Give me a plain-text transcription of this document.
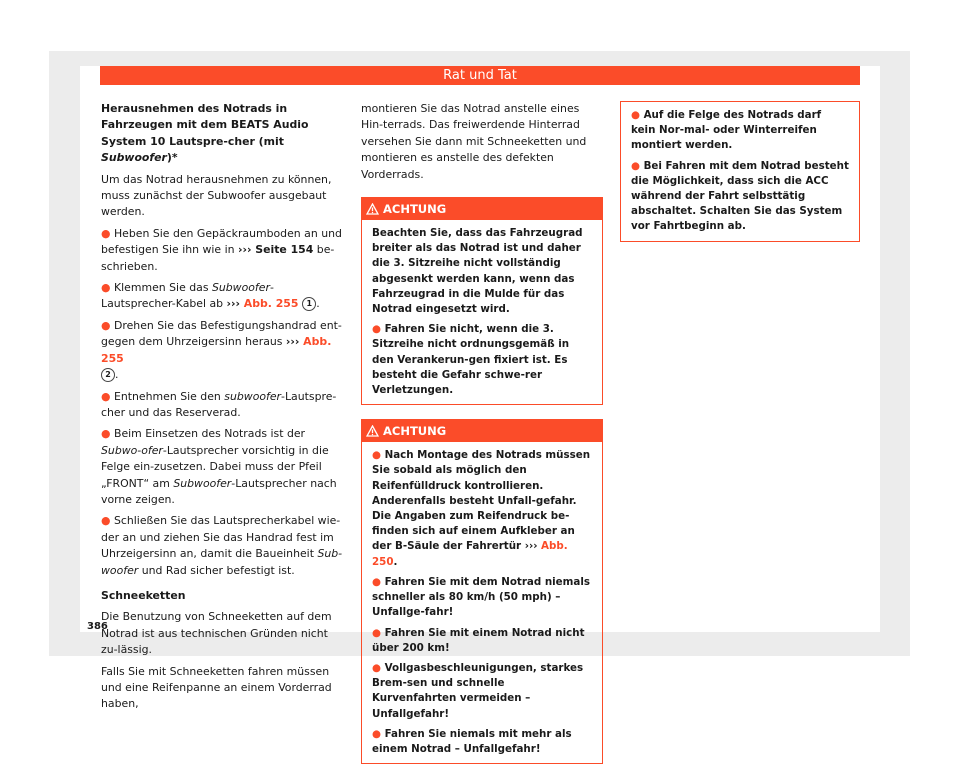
Rat und Tat

Herausnehmen des Notrads in Fahrzeugen mit dem BEATS Audio System 10 Lautspre-cher (mit Subwoofer)*

Um das Notrad herausnehmen zu können, muss zunächst der Subwoofer ausgebaut werden.

● Heben Sie den Gepäckraumboden an und befestigen Sie ihn wie in ››› Seite 154 be-schrieben.

● Klemmen Sie das Subwoofer-Lautsprecher-Kabel ab ››› Abb. 255 1 .

● Drehen Sie das Befestigungshandrad ent-gegen dem Uhrzeigersinn heraus ››› Abb. 255
2 .

● Entnehmen Sie den subwoofer-Lautspre-cher und das Reserverad.

● Beim Einsetzen des Notrads ist der Subwo-ofer-Lautsprecher vorsichtig in die Felge ein-zusetzen. Dabei muss der Pfeil „FRONT“ am Subwoofer-Lautsprecher nach vorne zeigen.

● Schließen Sie das Lautsprecherkabel wie-der an und ziehen Sie das Handrad fest im Uhrzeigersinn an, damit die Baueinheit Sub-woofer und Rad sicher befestigt ist.

Schneeketten

Die Benutzung von Schneeketten auf dem Notrad ist aus technischen Gründen nicht zu-lässig.

Falls Sie mit Schneeketten fahren müssen und eine Reifenpanne an einem Vorderrad haben,

montieren Sie das Notrad anstelle eines Hin-terrads. Das freiwerdende Hinterrad versehen Sie dann mit Schneeketten und montieren es anstelle des defekten Vorderrads.

ACHTUNG

Beachten Sie, dass das Fahrzeugrad breiter als das Notrad ist und daher die 3. Sitzreihe nicht vollständig abgesenkt werden kann, wenn das Fahrzeugrad in die Mulde für das Notrad eingesetzt wird.

● Fahren Sie nicht, wenn die 3. Sitzreihe nicht ordnungsgemäß in den Verankerun-gen fixiert ist. Es besteht die Gefahr schwe-rer Verletzungen.

ACHTUNG

● Nach Montage des Notrads müssen Sie sobald als möglich den Reifenfülldruck kontrollieren. Anderenfalls besteht Unfall-gefahr. Die Angaben zum Reifendruck be-finden sich auf einem Aufkleber an der B-Säule der Fahrertür ››› Abb. 250.

● Fahren Sie mit dem Notrad niemals schneller als 80 km/h (50 mph) – Unfallge-fahr!

● Fahren Sie mit einem Notrad nicht über 200 km!

● Vollgasbeschleunigungen, starkes Brem-sen und schnelle Kurvenfahrten vermeiden – Unfallgefahr!

● Fahren Sie niemals mit mehr als einem Notrad – Unfallgefahr!

● Auf die Felge des Notrads darf kein Nor-mal- oder Winterreifen montiert werden.

● Bei Fahren mit dem Notrad besteht die Möglichkeit, dass sich die ACC während der Fahrt selbsttätig abschaltet. Schalten Sie das System vor Fahrtbeginn ab.

386
